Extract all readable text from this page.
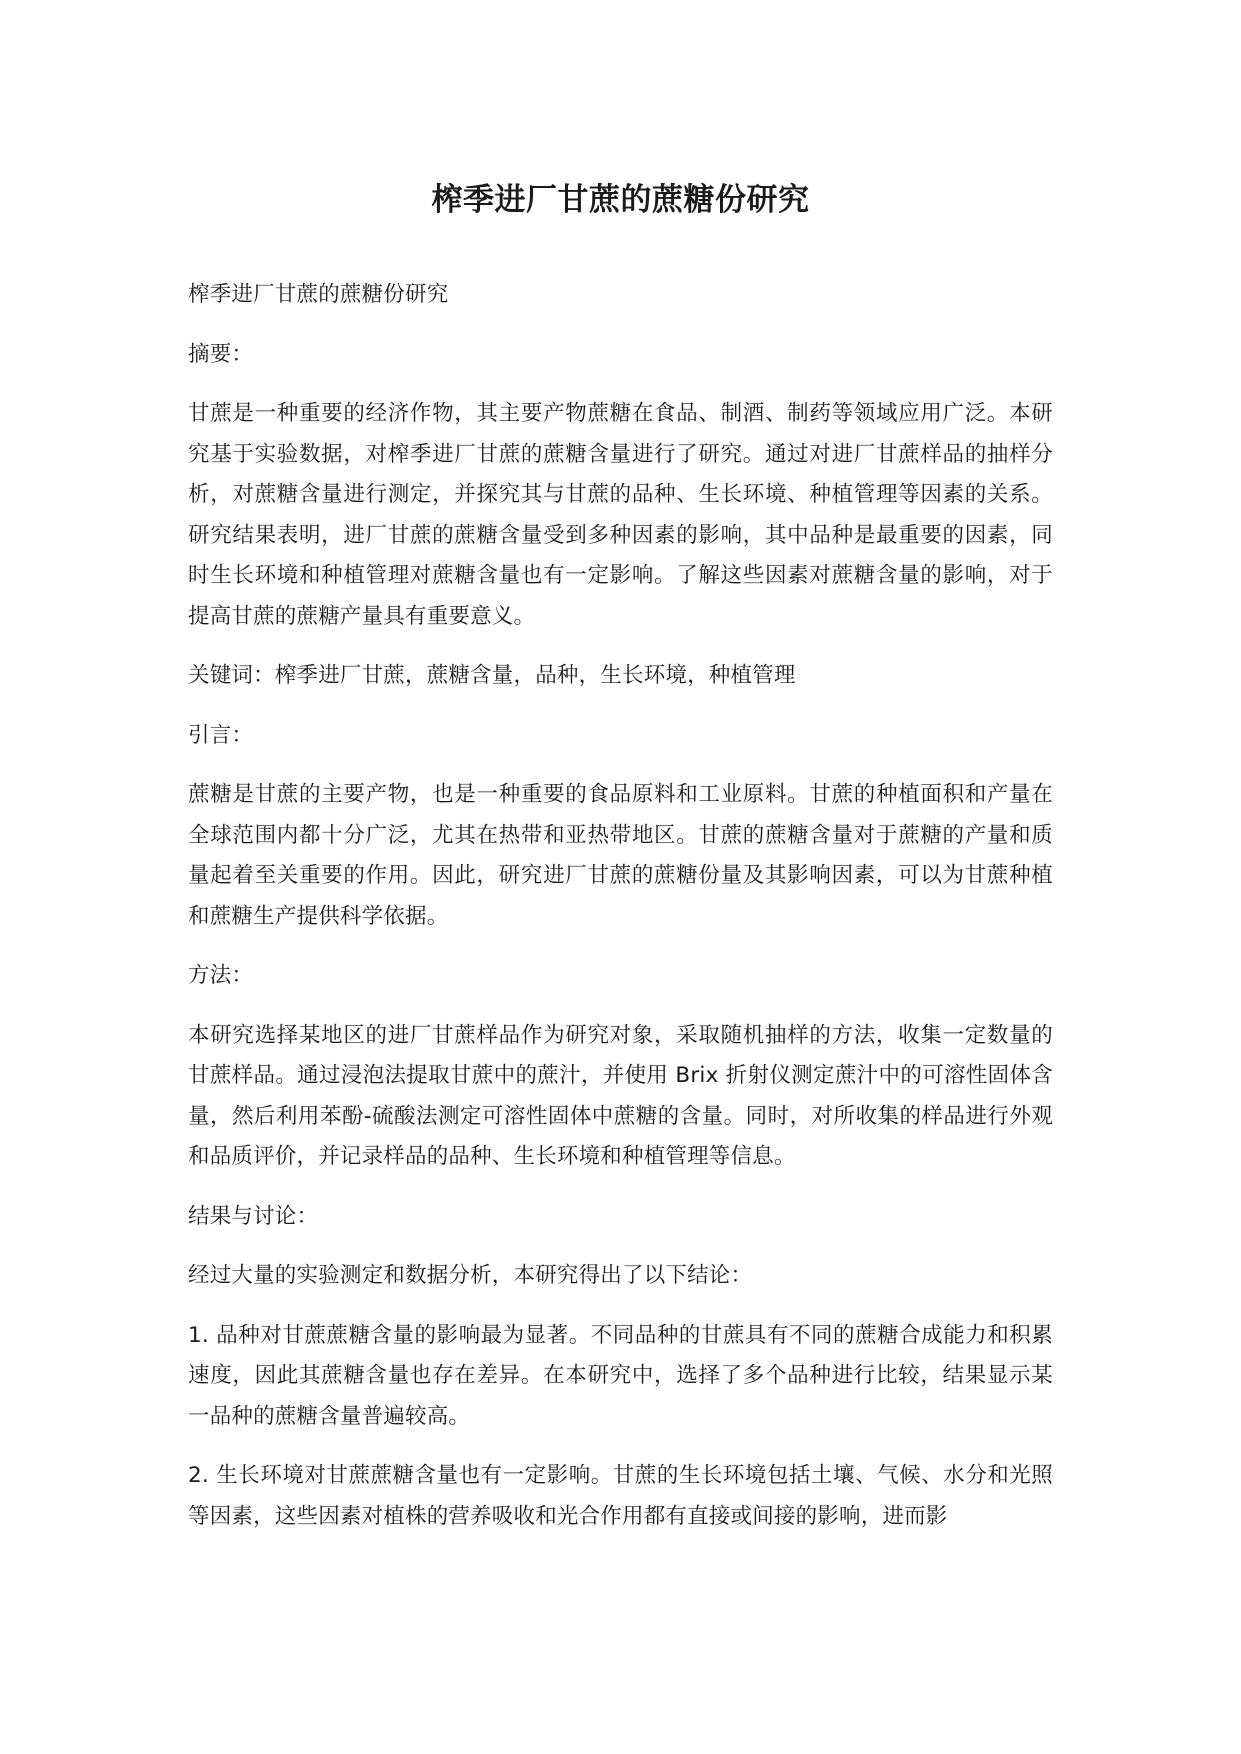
榨季进厂甘蔗的蔗糖份研究

榨季进厂甘蔗的蔗糖份研究

摘要：

甘蔗是一种重要的经济作物，其主要产物蔗糖在食品、制酒、制药等领域应用广泛。本研究基于实验数据，对榨季进厂甘蔗的蔗糖含量进行了研究。通过对进厂甘蔗样品的抽样分析，对蔗糖含量进行测定，并探究其与甘蔗的品种、生长环境、种植管理等因素的关系。研究结果表明，进厂甘蔗的蔗糖含量受到多种因素的影响，其中品种是最重要的因素，同时生长环境和种植管理对蔗糖含量也有一定影响。了解这些因素对蔗糖含量的影响，对于提高甘蔗的蔗糖产量具有重要意义。

关键词：榨季进厂甘蔗，蔗糖含量，品种，生长环境，种植管理

引言：

蔗糖是甘蔗的主要产物，也是一种重要的食品原料和工业原料。甘蔗的种植面积和产量在全球范围内都十分广泛，尤其在热带和亚热带地区。甘蔗的蔗糖含量对于蔗糖的产量和质量起着至关重要的作用。因此，研究进厂甘蔗的蔗糖份量及其影响因素，可以为甘蔗种植和蔗糖生产提供科学依据。

方法：

本研究选择某地区的进厂甘蔗样品作为研究对象，采取随机抽样的方法，收集一定数量的甘蔗样品。通过浸泡法提取甘蔗中的蔗汁，并使用 Brix 折射仪测定蔗汁中的可溶性固体含量，然后利用苯酚-硫酸法测定可溶性固体中蔗糖的含量。同时，对所收集的样品进行外观和品质评价，并记录样品的品种、生长环境和种植管理等信息。

结果与讨论：

经过大量的实验测定和数据分析，本研究得出了以下结论：

1. 品种对甘蔗蔗糖含量的影响最为显著。不同品种的甘蔗具有不同的蔗糖合成能力和积累速度，因此其蔗糖含量也存在差异。在本研究中，选择了多个品种进行比较，结果显示某一品种的蔗糖含量普遍较高。

2. 生长环境对甘蔗蔗糖含量也有一定影响。甘蔗的生长环境包括土壤、气候、水分和光照等因素，这些因素对植株的营养吸收和光合作用都有直接或间接的影响，进而影
